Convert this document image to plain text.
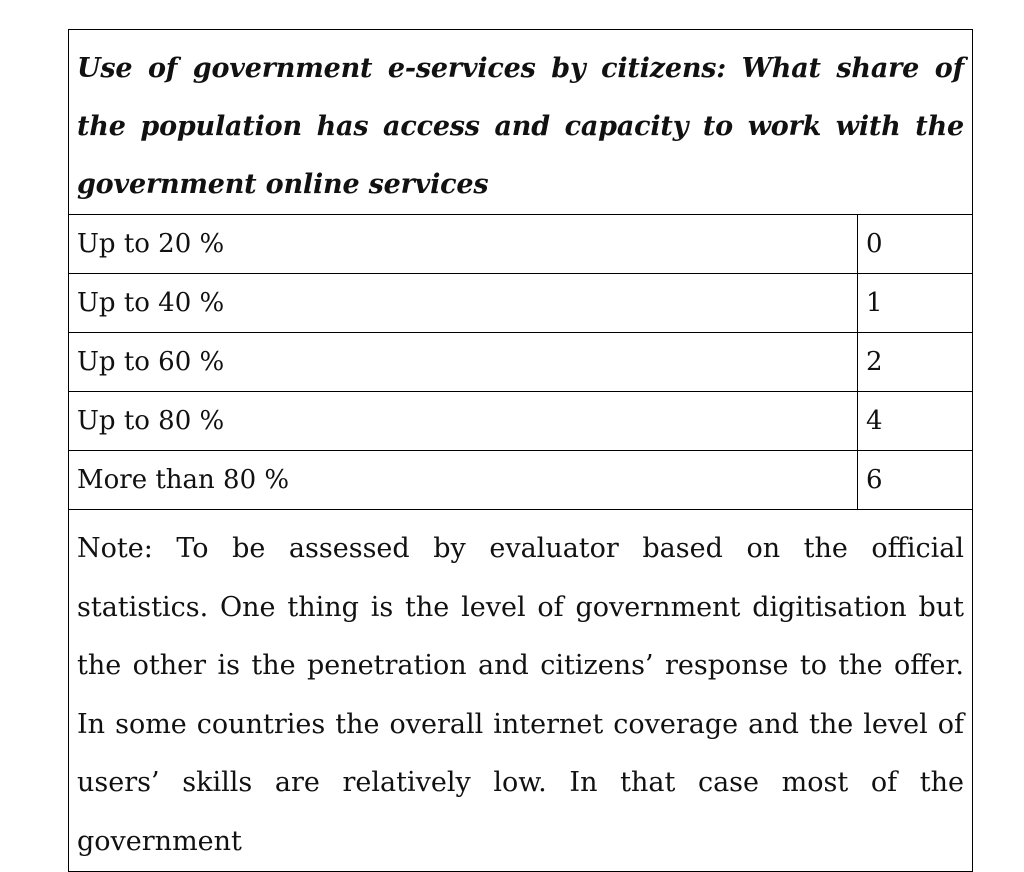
Use of government e-services by citizens: What share of the population has access and capacity to work with the government online services	

Up to 20 %	0
Up to 40 %	1
Up to 60 %	2
Up to 80 %	4
More than 80 %	6
Note: To be assessed by evaluator based on the official statistics. One thing is the level of government digitisation but the other is the penetration and citizens’ response to the offer. In some countries the overall internet coverage and the level of users’ skills are relatively low. In that case most of the government	
